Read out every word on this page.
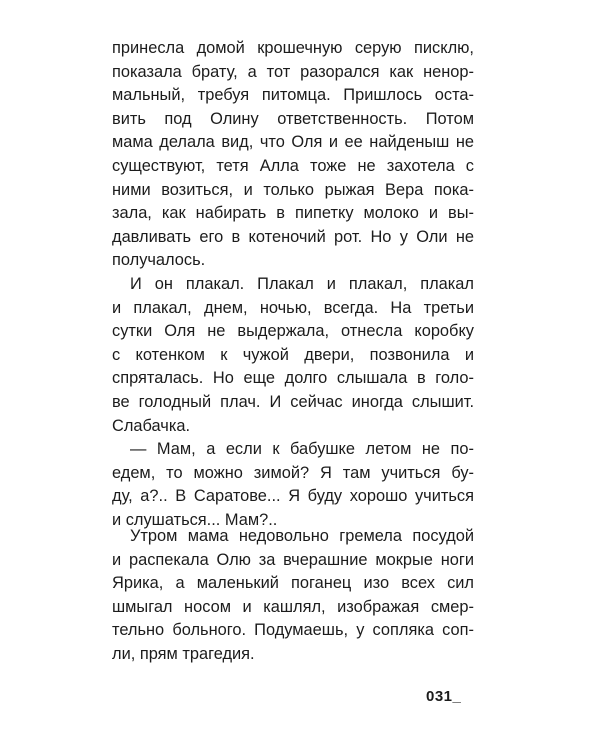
принесла домой крошечную серую писклю,
показала брату, а тот разорался как ненор-
мальный, требуя питомца. Пришлось оста-
вить под Олину ответственность. Потом
мама делала вид, что Оля и ее найденыш не
существуют, тетя Алла тоже не захотела с
ними возиться, и только рыжая Вера пока-
зала, как набирать в пипетку молоко и вы-
давливать его в котеночий рот. Но у Оли не
получалось.
И он плакал. Плакал и плакал, плакал
и плакал, днем, ночью, всегда. На третьи
сутки Оля не выдержала, отнесла коробку
с котенком к чужой двери, позвонила и
спряталась. Но еще долго слышала в голо-
ве голодный плач. И сейчас иногда слышит.
Слабачка.
— Мам, а если к бабушке летом не по-
едем, то можно зимой? Я там учиться бу-
ду, а?.. В Саратове... Я буду хорошо учиться
и слушаться... Мам?..
Утром мама недовольно гремела посудой
и распекала Олю за вчерашние мокрые ноги
Ярика, а маленький поганец изо всех сил
шмыгал носом и кашлял, изображая смер-
тельно больного. Подумаешь, у сопляка соп-
ли, прям трагедия.
031_
